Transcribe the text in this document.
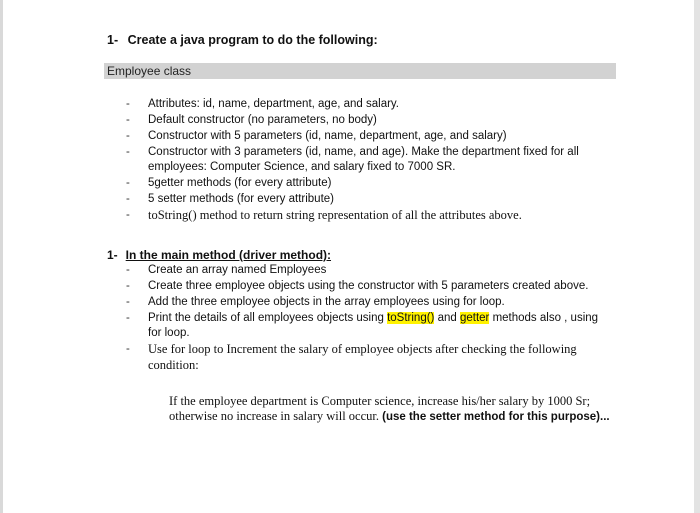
1- Create a java program to do the following:
Employee class
- Attributes: id, name, department, age, and salary.
- Default constructor (no parameters, no body)
- Constructor with 5 parameters (id, name, department, age, and salary)
- Constructor with 3 parameters (id, name, and age). Make the department fixed for all employees: Computer Science, and salary fixed to 7000 SR.
- 5getter methods (for every attribute)
- 5 setter methods (for every attribute)
- toString() method to return string representation of all the attributes above.
1- In the main method (driver method):
- Create an array named Employees
- Create three employee objects using the constructor with 5 parameters created above.
- Add the three employee objects in the array employees using for loop.
- Print the details of all employees objects using toString() and getter methods also , using for loop.
- Use for loop to Increment the salary of employee objects after checking the following condition:
If the employee department is Computer science, increase his/her salary by 1000 Sr; otherwise no increase in salary will occur. (use the setter method for this purpose)...
